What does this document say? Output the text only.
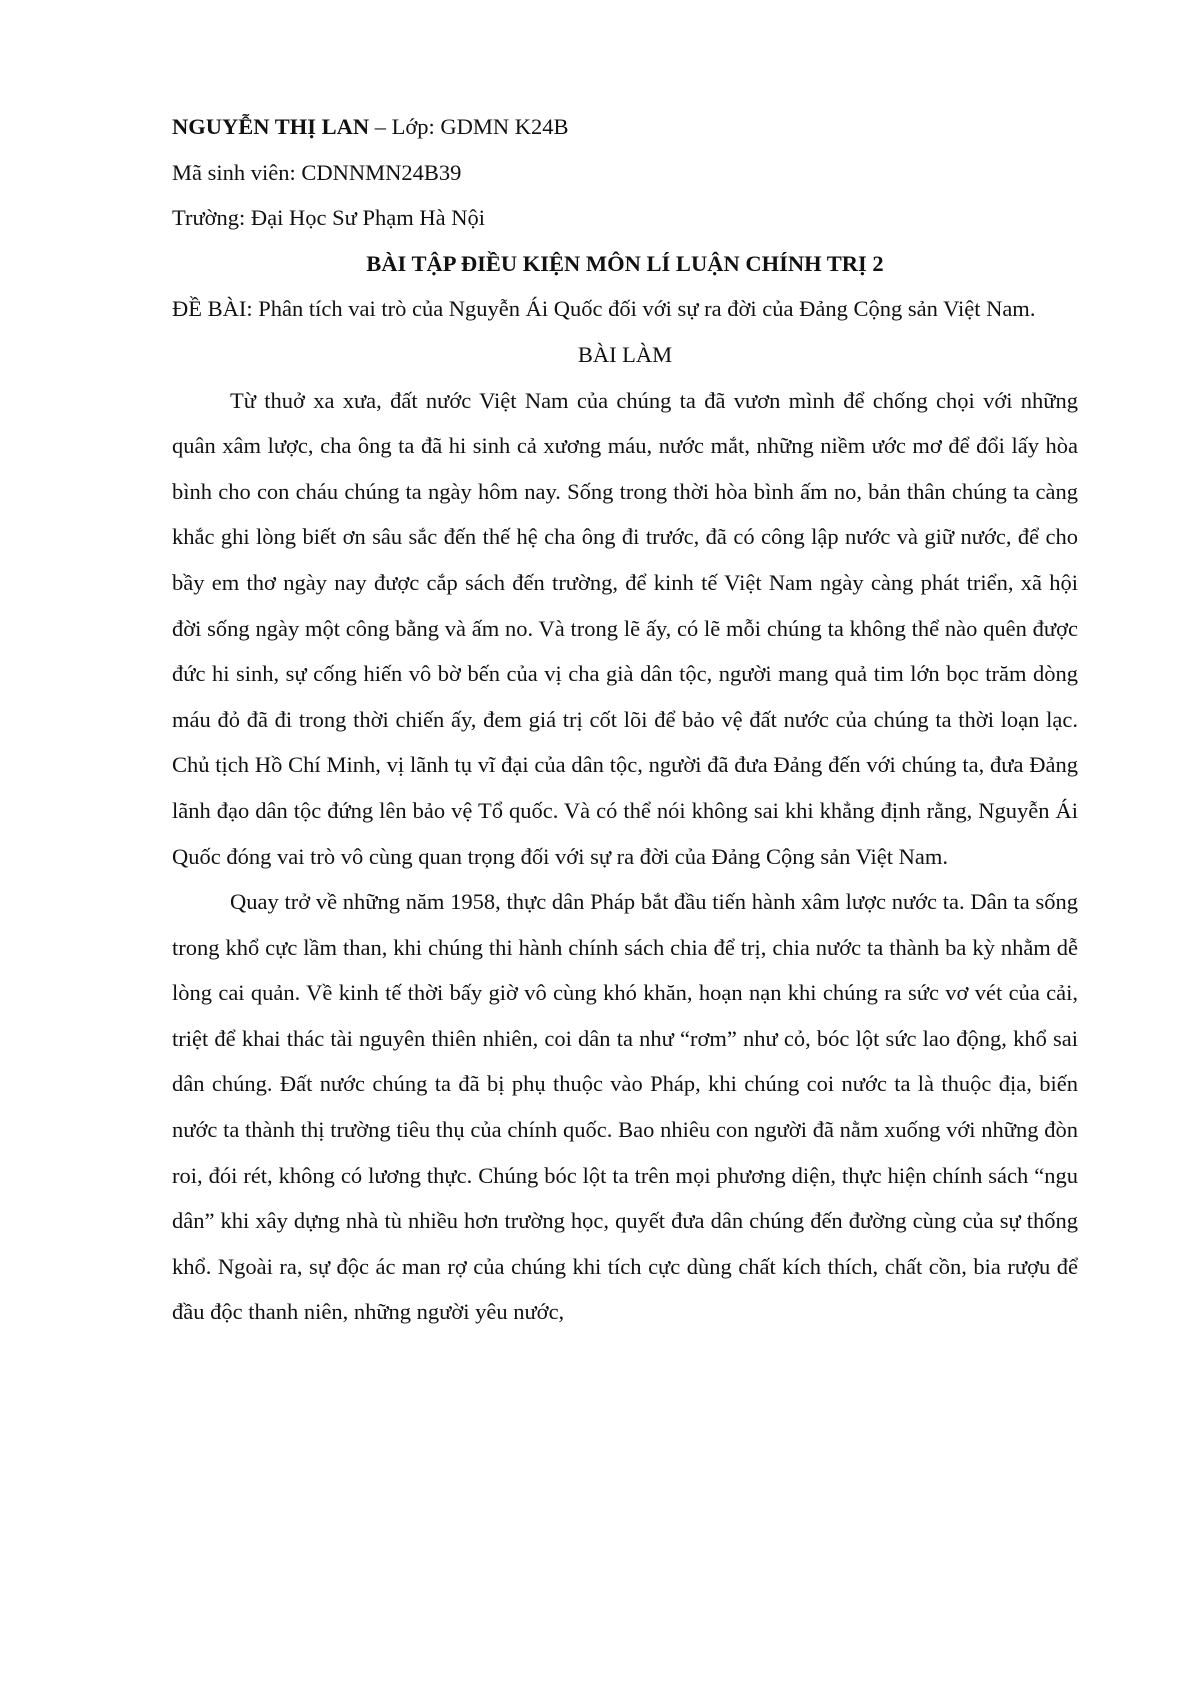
NGUYỄN THỊ LAN – Lớp: GDMN K24B

Mã sinh viên: CDNNMN24B39

Trường: Đại Học Sư Phạm Hà Nội

BÀI TẬP ĐIỀU KIỆN MÔN LÍ LUẬN CHÍNH TRỊ 2

ĐỀ BÀI: Phân tích vai trò của Nguyễn Ái Quốc đối với sự ra đời của Đảng Cộng sản Việt Nam.

BÀI LÀM

Từ thuở xa xưa, đất nước Việt Nam của chúng ta đã vươn mình để chống chọi với những quân xâm lược, cha ông ta đã hi sinh cả xương máu, nước mắt, những niềm ước mơ để đổi lấy hòa bình cho con cháu chúng ta ngày hôm nay. Sống trong thời hòa bình ấm no, bản thân chúng ta càng khắc ghi lòng biết ơn sâu sắc đến thế hệ cha ông đi trước, đã có công lập nước và giữ nước, để cho bầy em thơ ngày nay được cắp sách đến trường, để kinh tế Việt Nam ngày càng phát triển, xã hội đời sống ngày một công bằng và ấm no. Và trong lẽ ấy, có lẽ mỗi chúng ta không thể nào quên được đức hi sinh, sự cống hiến vô bờ bến của vị cha già dân tộc, người mang quả tim lớn bọc trăm dòng máu đỏ đã đi trong thời chiến ấy, đem giá trị cốt lõi để bảo vệ đất nước của chúng ta thời loạn lạc. Chủ tịch Hồ Chí Minh, vị lãnh tụ vĩ đại của dân tộc, người đã đưa Đảng đến với chúng ta, đưa Đảng lãnh đạo dân tộc đứng lên bảo vệ Tổ quốc. Và có thể nói không sai khi khẳng định rằng, Nguyễn Ái Quốc đóng vai trò vô cùng quan trọng đối với sự ra đời của Đảng Cộng sản Việt Nam.

Quay trở về những năm 1958, thực dân Pháp bắt đầu tiến hành xâm lược nước ta. Dân ta sống trong khổ cực lầm than, khi chúng thi hành chính sách chia để trị, chia nước ta thành ba kỳ nhằm dễ lòng cai quản. Về kinh tế thời bấy giờ vô cùng khó khăn, hoạn nạn khi chúng ra sức vơ vét của cải, triệt để khai thác tài nguyên thiên nhiên, coi dân ta như “rơm” như cỏ, bóc lột sức lao động, khổ sai dân chúng. Đất nước chúng ta đã bị phụ thuộc vào Pháp, khi chúng coi nước ta là thuộc địa, biến nước ta thành thị trường tiêu thụ của chính quốc. Bao nhiêu con người đã nằm xuống với những đòn roi, đói rét, không có lương thực. Chúng bóc lột ta trên mọi phương diện, thực hiện chính sách “ngu dân” khi xây dựng nhà tù nhiều hơn trường học, quyết đưa dân chúng đến đường cùng của sự thống khổ. Ngoài ra, sự độc ác man rợ của chúng khi tích cực dùng chất kích thích, chất cồn, bia rượu để đầu độc thanh niên, những người yêu nước,
